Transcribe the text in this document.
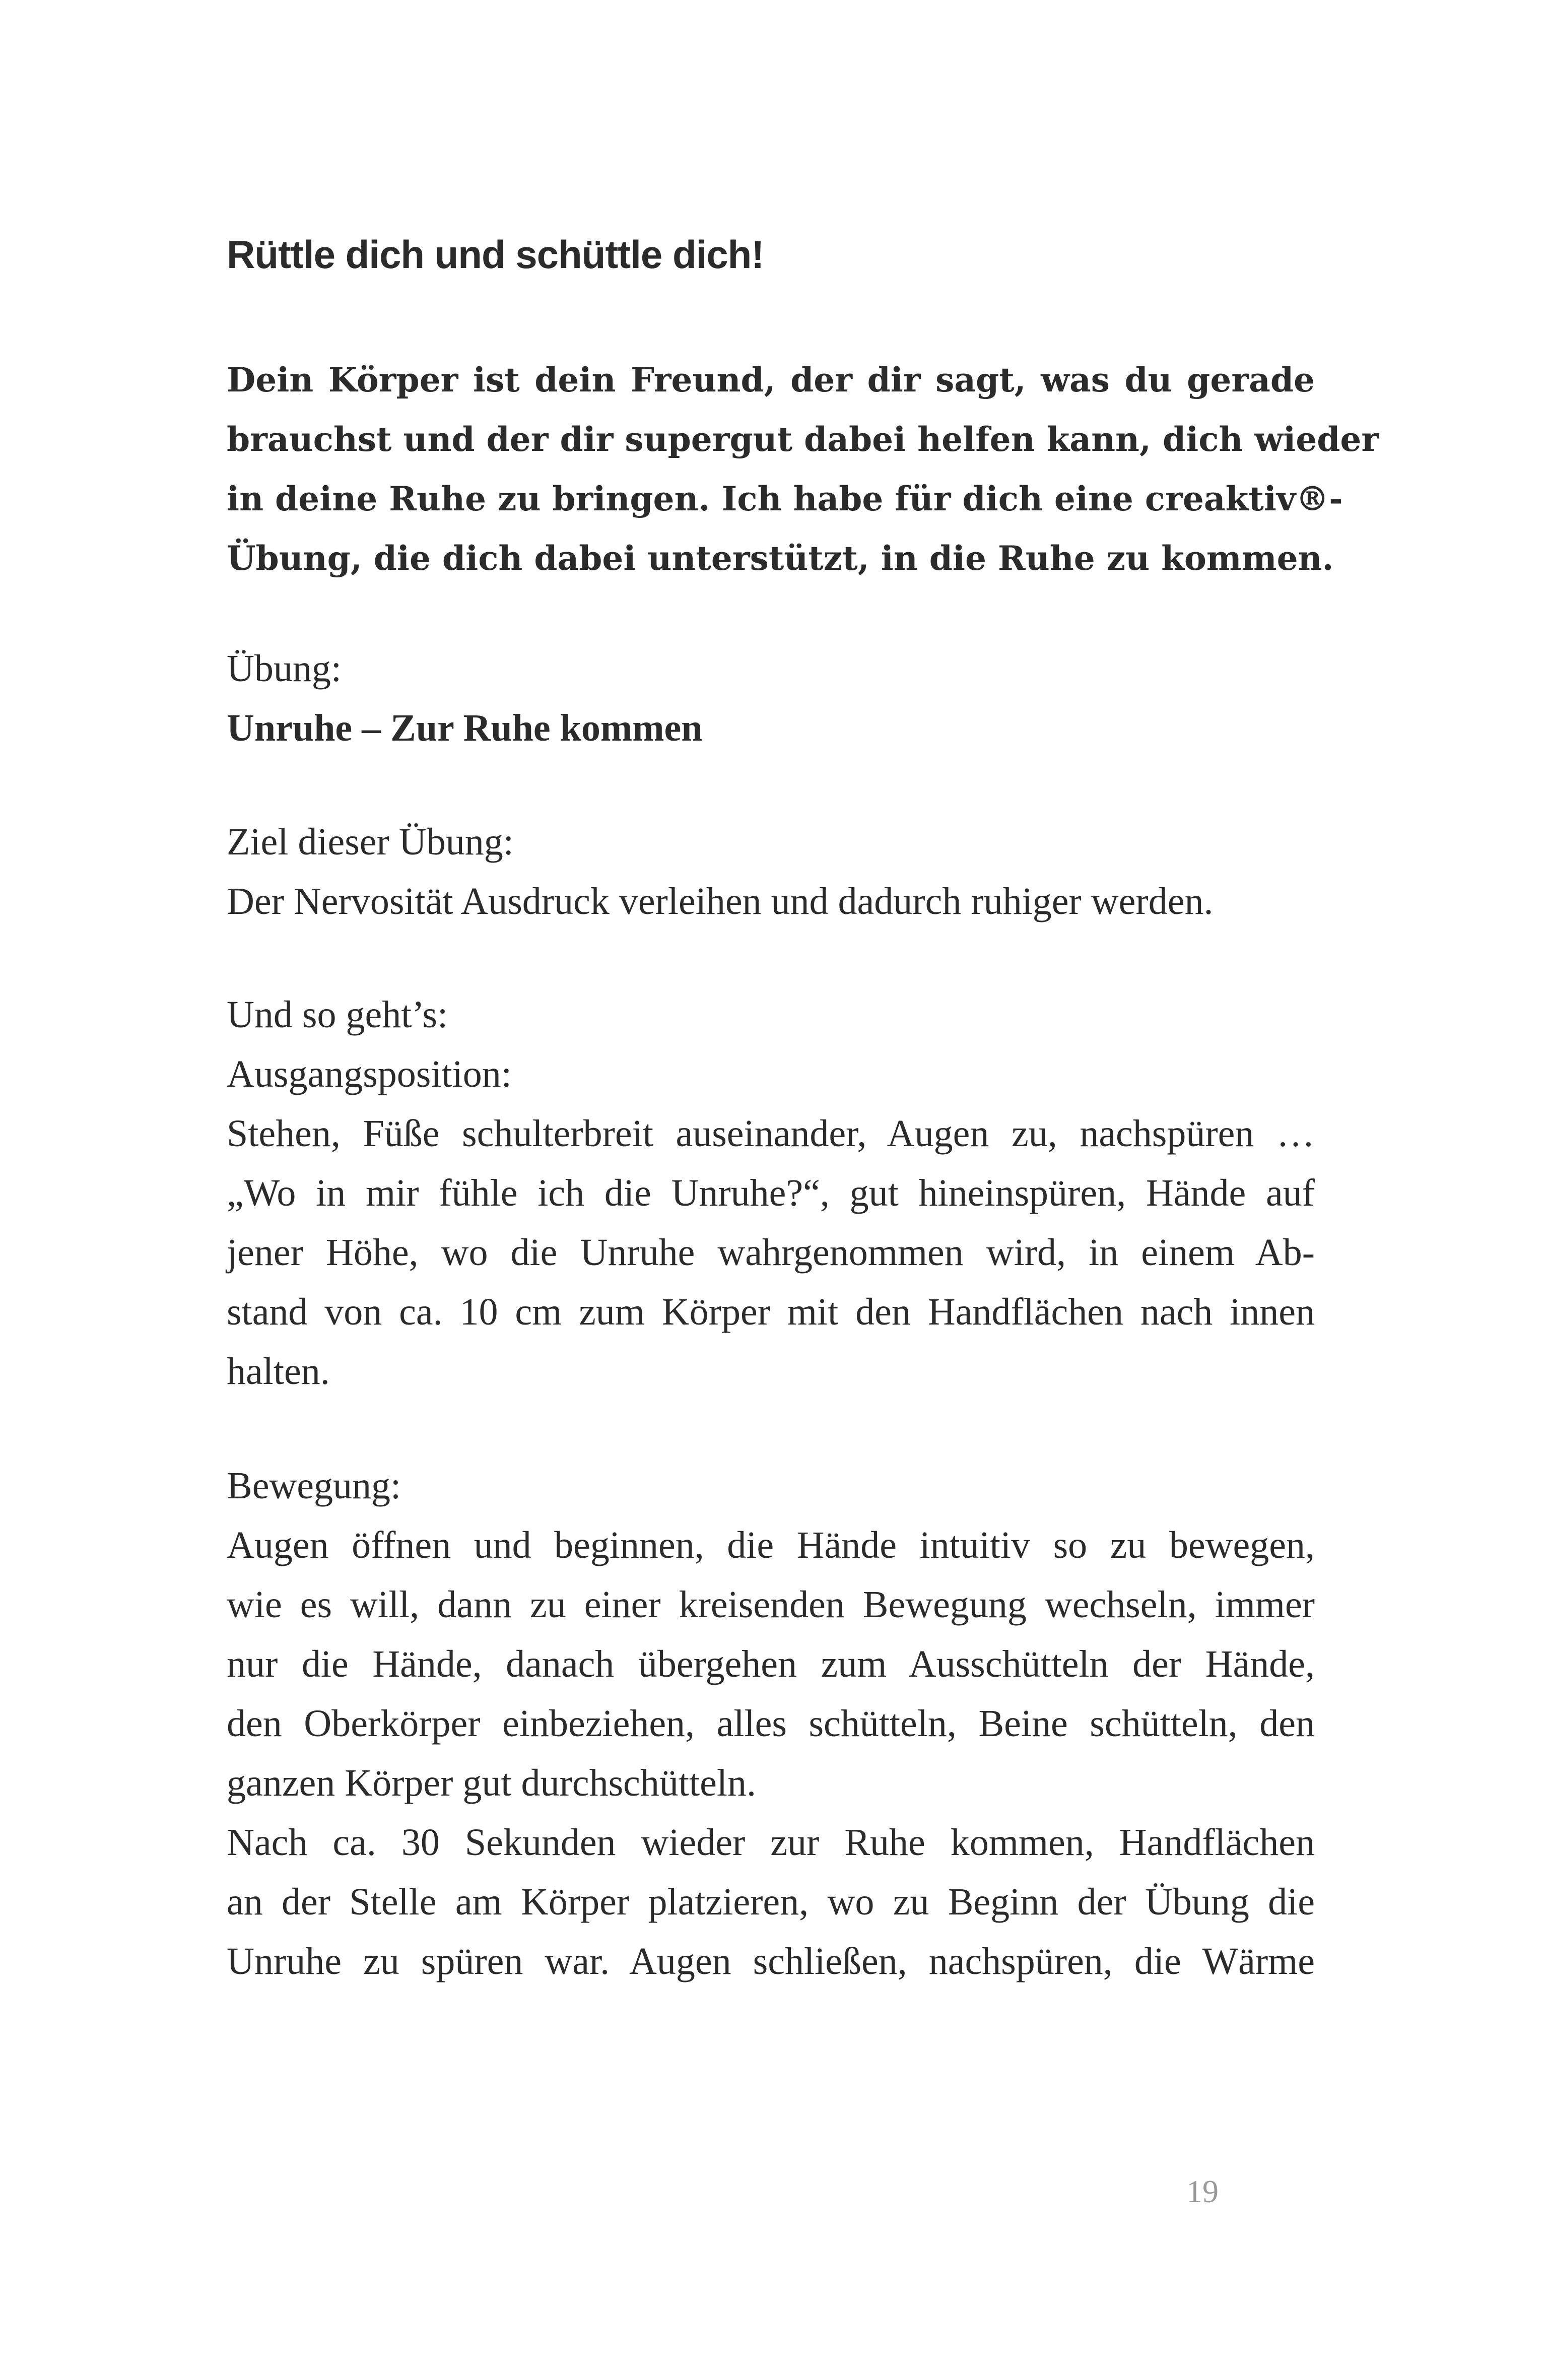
Rüttle dich und schüttle dich!
Dein Körper ist dein Freund, der dir sagt, was du gerade
brauchst und der dir supergut dabei helfen kann, dich wieder
in deine Ruhe zu bringen. Ich habe für dich eine creaktiv®-
Übung, die dich dabei unterstützt, in die Ruhe zu kommen.
Übung:
Unruhe – Zur Ruhe kommen
Ziel dieser Übung:
Der Nervosität Ausdruck verleihen und dadurch ruhiger werden.
Und so geht’s:
Ausgangsposition:
Stehen, Füße schulterbreit auseinander, Augen zu, nachspüren …
„Wo in mir fühle ich die Unruhe?“, gut hineinspüren, Hände auf
jener Höhe, wo die Unruhe wahrgenommen wird, in einem Ab-
stand von ca. 10 cm zum Körper mit den Handflächen nach innen
halten.
Bewegung:
Augen öffnen und beginnen, die Hände intuitiv so zu bewegen,
wie es will, dann zu einer kreisenden Bewegung wechseln, immer
nur die Hände, danach übergehen zum Ausschütteln der Hände,
den Oberkörper einbeziehen, alles schütteln, Beine schütteln, den
ganzen Körper gut durchschütteln.
Nach ca. 30 Sekunden wieder zur Ruhe kommen, Handflächen
an der Stelle am Körper platzieren, wo zu Beginn der Übung die
Unruhe zu spüren war. Augen schließen, nachspüren, die Wärme
19
